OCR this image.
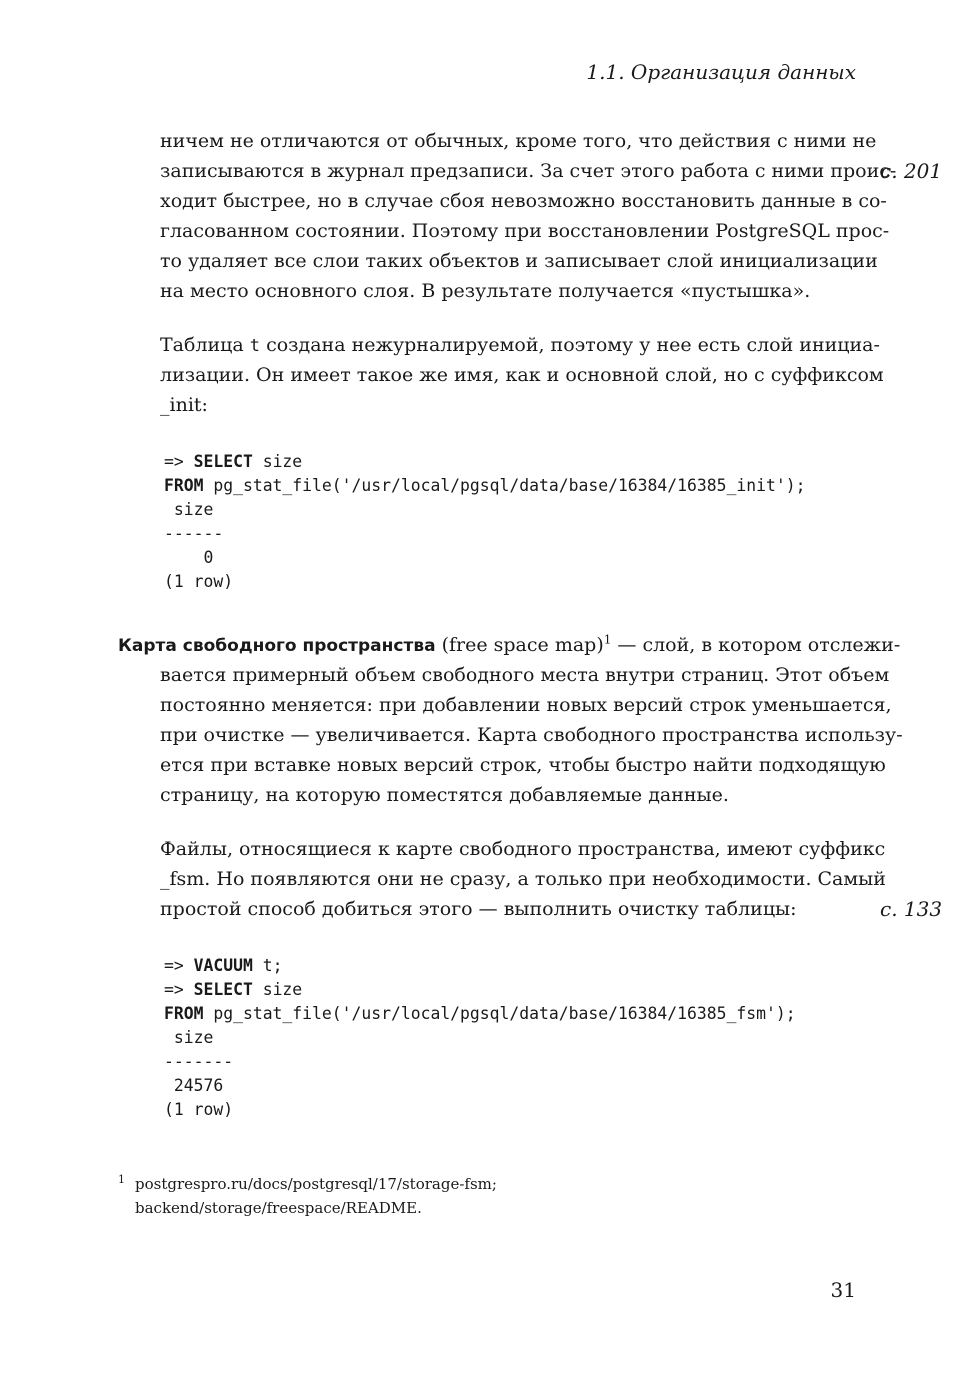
1.1. Организация данных
ничем не отличаются от обычных, кроме того, что действия с ними не
записываются в журнал предзаписи. За счет этого работа с ними проис-
ходит быстрее, но в случае сбоя невозможно восстановить данные в со-
гласованном состоянии. Поэтому при восстановлении PostgreSQL прос-
то удаляет все слои таких объектов и записывает слой инициализации
на место основного слоя. В результате получается «пустышка».
с. 201
Таблица t создана нежурналируемой, поэтому у нее есть слой инициа-
лизации. Он имеет такое же имя, как и основной слой, но с суффиксом
_init:
=> SELECT size
FROM pg_stat_file('/usr/local/pgsql/data/base/16384/16385_init');
size
------
0
(1 row)
Карта свободного пространства (free space map)$^1$ — слой, в котором отслежи-
вается примерный объем свободного места внутри страниц. Этот объем
постоянно меняется: при добавлении новых версий строк уменьшается,
при очистке — увеличивается. Карта свободного пространства использу-
ется при вставке новых версий строк, чтобы быстро найти подходящую
страницу, на которую поместятся добавляемые данные.
Файлы, относящиеся к карте свободного пространства, имеют суффикс
_fsm. Но появляются они не сразу, а только при необходимости. Самый
простой способ добиться этого — выполнить очистку таблицы:	с. 133
=> VACUUM t;
=> SELECT size
FROM pg_stat_file('/usr/local/pgsql/data/base/16384/16385_fsm');
size
-------
24576
(1 row)
1 postgrespro.ru/docs/postgresql/17/storage-fsm;
backend/storage/freespace/README.
31
